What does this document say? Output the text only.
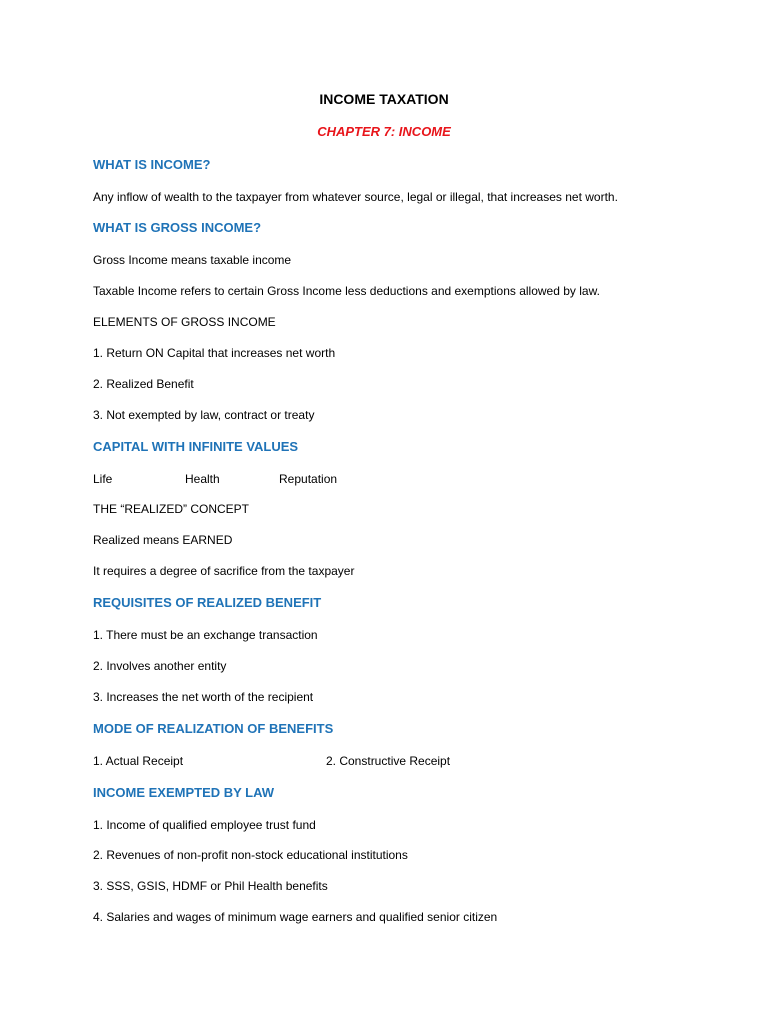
INCOME TAXATION
CHAPTER 7: INCOME
WHAT IS INCOME?
Any inflow of wealth to the taxpayer from whatever source, legal or illegal, that increases net worth.
WHAT IS GROSS INCOME?
Gross Income means taxable income
Taxable Income refers to certain Gross Income less deductions and exemptions allowed by law.
ELEMENTS OF GROSS INCOME
1. Return ON Capital that increases net worth
2. Realized Benefit
3. Not exempted by law, contract or treaty
CAPITAL WITH INFINITE VALUES
Life	Health	Reputation
THE “REALIZED” CONCEPT
Realized means EARNED
It requires a degree of sacrifice from the taxpayer
REQUISITES OF REALIZED BENEFIT
1. There must be an exchange transaction
2. Involves another entity
3. Increases the net worth of the recipient
MODE OF REALIZATION OF BENEFITS
1. Actual Receipt	2. Constructive Receipt
INCOME EXEMPTED BY LAW
1. Income of qualified employee trust fund
2. Revenues of non-profit non-stock educational institutions
3. SSS, GSIS, HDMF or Phil Health benefits
4. Salaries and wages of minimum wage earners and qualified senior citizen
